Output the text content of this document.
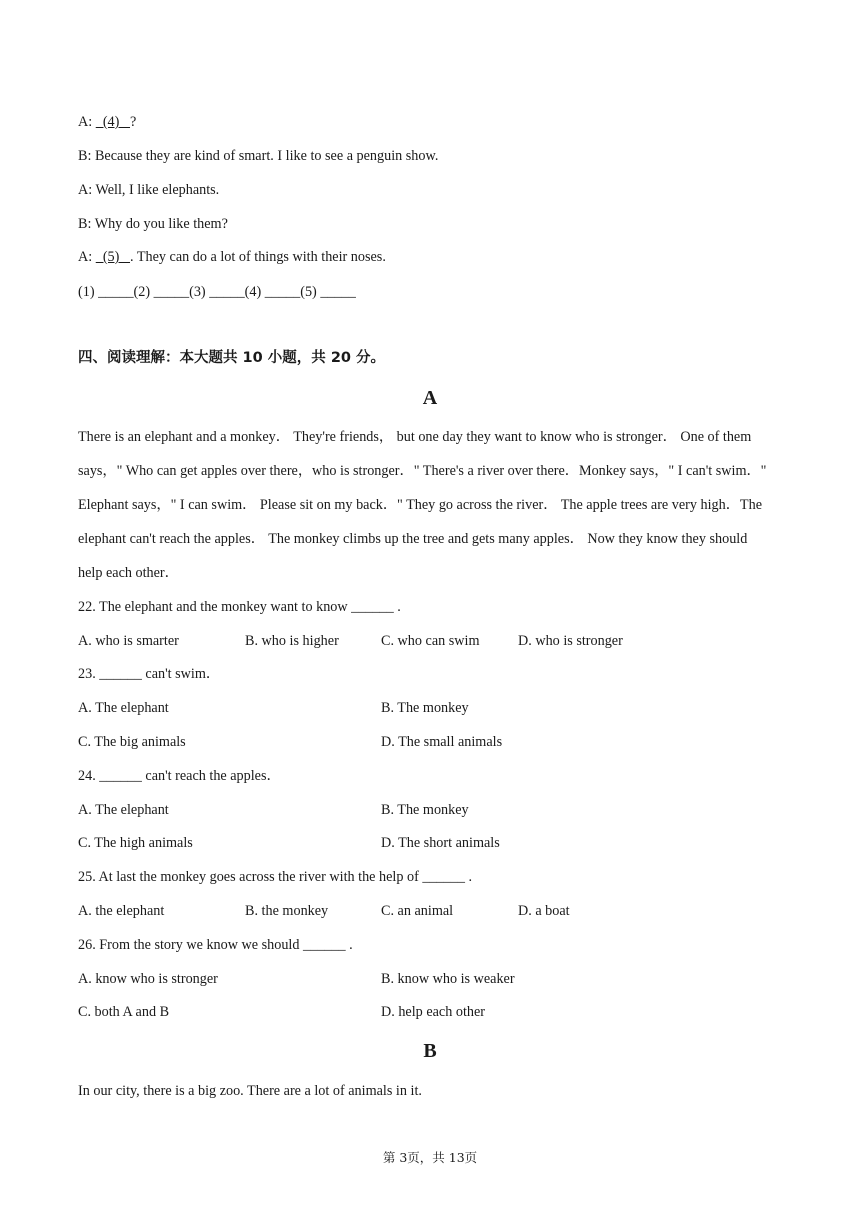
A:   (4)   ?
B: Because they are kind of smart. I like to see a penguin show.
A: Well, I like elephants.
B: Why do you like them?
A:   (5)   . They can do a lot of things with their noses.
(1) _____(2) _____(3) _____(4) _____(5) _____
四、阅读理解：本大题共 10 小题，共 20 分。
A
There is an elephant and a monkey． They're friends， but one day they want to know who is stronger． One of them
says，" Who can get apples over there，who is stronger．" There's a river over there．Monkey says，" I can't swim．"
Elephant says，" I can swim． Please sit on my back．" They go across the river． The apple trees are very high．The
elephant can't reach the apples． The monkey climbs up the tree and gets many apples． Now they know they should
help each other．
22. The elephant and the monkey want to know ______ .
A. who is smarter	B. who is higher	C. who can swim	D. who is stronger
23. ______ can't swim．
A. The elephant	B. The monkey
C. The big animals	D. The small animals
24. ______ can't reach the apples．
A. The elephant	B. The monkey
C. The high animals	D. The short animals
25. At last the monkey goes across the river with the help of ______ .
A. the elephant	B. the monkey	C. an animal	D. a boat
26. From the story we know we should ______ .
A. know who is stronger	B. know who is weaker
C. both A and B	D. help each other
B
In our city, there is a big zoo. There are a lot of animals in it.
第 3页，共 13页
